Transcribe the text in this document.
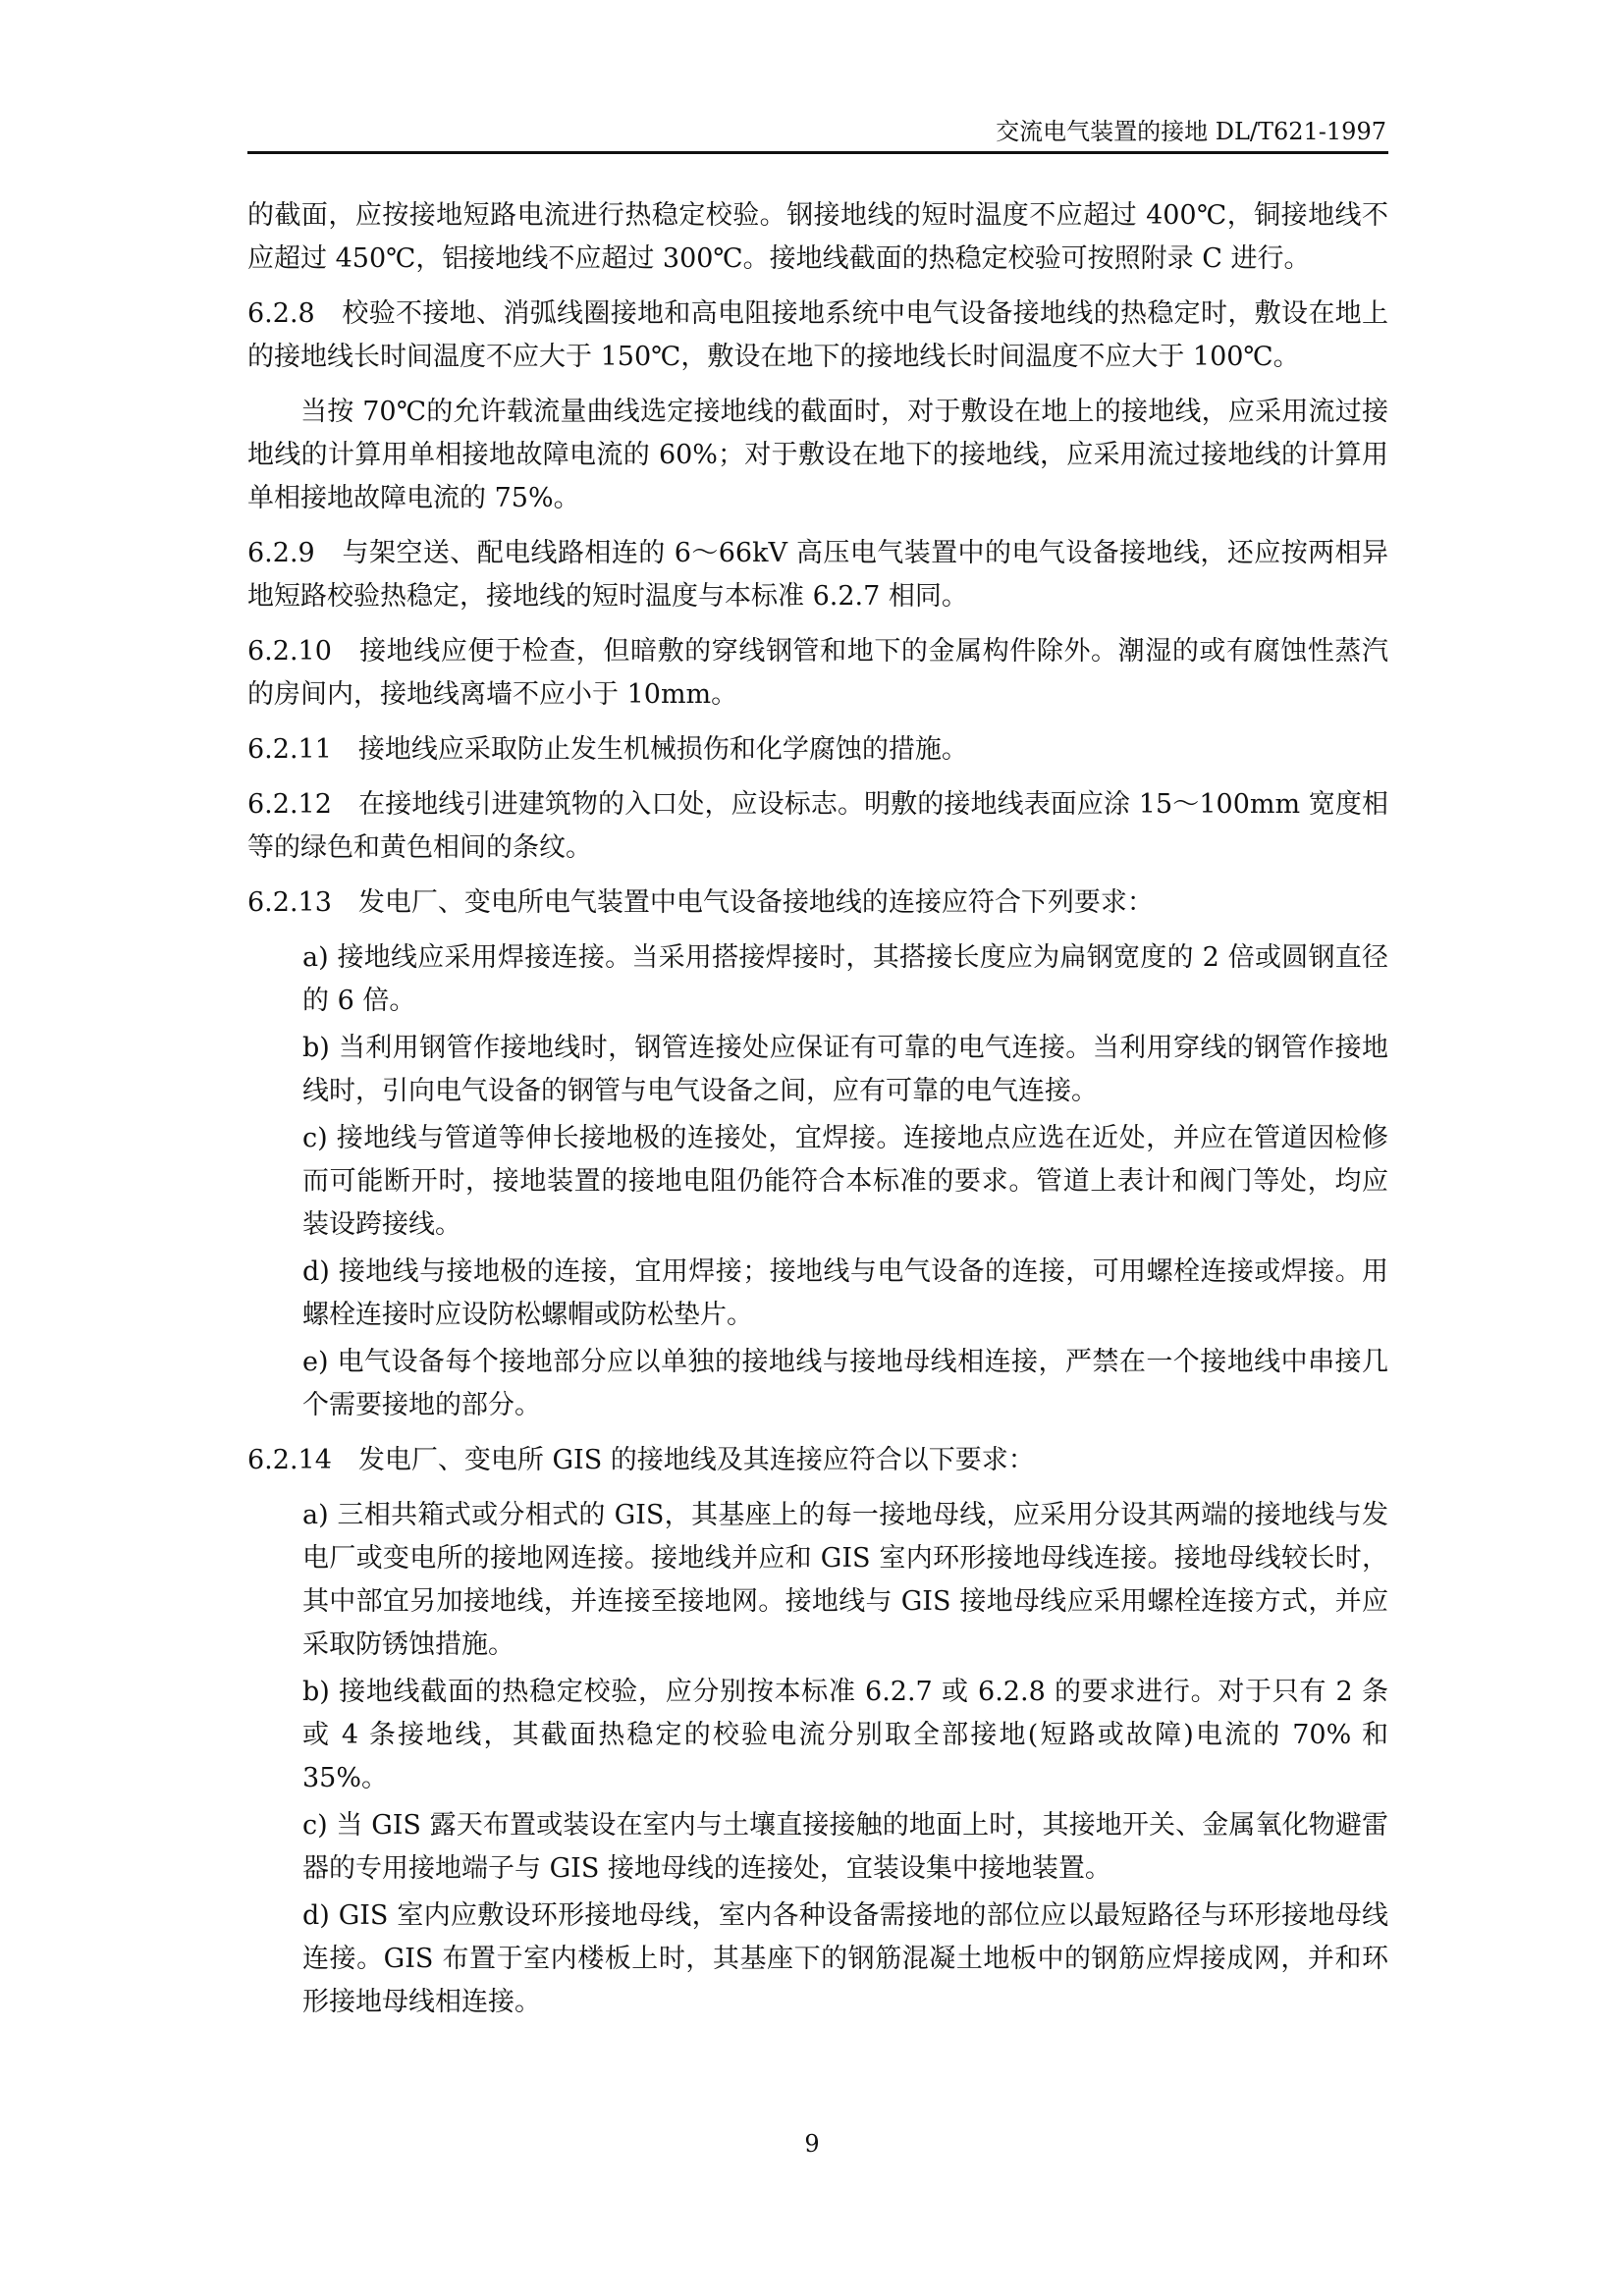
交流电气装置的接地 DL/T621-1997

的截面，应按接地短路电流进行热稳定校验。钢接地线的短时温度不应超过 400℃，铜接地线不应超过 450℃，铝接地线不应超过 300℃。接地线截面的热稳定校验可按照附录 C 进行。

6.2.8　校验不接地、消弧线圈接地和高电阻接地系统中电气设备接地线的热稳定时，敷设在地上的接地线长时间温度不应大于 150℃，敷设在地下的接地线长时间温度不应大于 100℃。

当按 70℃的允许载流量曲线选定接地线的截面时，对于敷设在地上的接地线，应采用流过接地线的计算用单相接地故障电流的 60%；对于敷设在地下的接地线，应采用流过接地线的计算用单相接地故障电流的 75%。

6.2.9　与架空送、配电线路相连的 6～66kV 高压电气装置中的电气设备接地线，还应按两相异地短路校验热稳定，接地线的短时温度与本标准 6.2.7 相同。

6.2.10　接地线应便于检查，但暗敷的穿线钢管和地下的金属构件除外。潮湿的或有腐蚀性蒸汽的房间内，接地线离墙不应小于 10mm。

6.2.11　接地线应采取防止发生机械损伤和化学腐蚀的措施。

6.2.12　在接地线引进建筑物的入口处，应设标志。明敷的接地线表面应涂 15～100mm 宽度相等的绿色和黄色相间的条纹。

6.2.13　发电厂、变电所电气装置中电气设备接地线的连接应符合下列要求：

a) 接地线应采用焊接连接。当采用搭接焊接时，其搭接长度应为扁钢宽度的 2 倍或圆钢直径的 6 倍。
b) 当利用钢管作接地线时，钢管连接处应保证有可靠的电气连接。当利用穿线的钢管作接地线时，引向电气设备的钢管与电气设备之间，应有可靠的电气连接。
c) 接地线与管道等伸长接地极的连接处，宜焊接。连接地点应选在近处，并应在管道因检修而可能断开时，接地装置的接地电阻仍能符合本标准的要求。管道上表计和阀门等处，均应装设跨接线。
d) 接地线与接地极的连接，宜用焊接；接地线与电气设备的连接，可用螺栓连接或焊接。用螺栓连接时应设防松螺帽或防松垫片。
e) 电气设备每个接地部分应以单独的接地线与接地母线相连接，严禁在一个接地线中串接几个需要接地的部分。

6.2.14　发电厂、变电所 GIS 的接地线及其连接应符合以下要求：

a) 三相共箱式或分相式的 GIS，其基座上的每一接地母线，应采用分设其两端的接地线与发电厂或变电所的接地网连接。接地线并应和 GIS 室内环形接地母线连接。接地母线较长时，其中部宜另加接地线，并连接至接地网。接地线与 GIS 接地母线应采用螺栓连接方式，并应采取防锈蚀措施。
b) 接地线截面的热稳定校验，应分别按本标准 6.2.7 或 6.2.8 的要求进行。对于只有 2 条或 4 条接地线，其截面热稳定的校验电流分别取全部接地(短路或故障)电流的 70% 和 35%。
c) 当 GIS 露天布置或装设在室内与土壤直接接触的地面上时，其接地开关、金属氧化物避雷器的专用接地端子与 GIS 接地母线的连接处，宜装设集中接地装置。
d) GIS 室内应敷设环形接地母线，室内各种设备需接地的部位应以最短路径与环形接地母线连接。GIS 布置于室内楼板上时，其基座下的钢筋混凝土地板中的钢筋应焊接成网，并和环形接地母线相连接。
9
